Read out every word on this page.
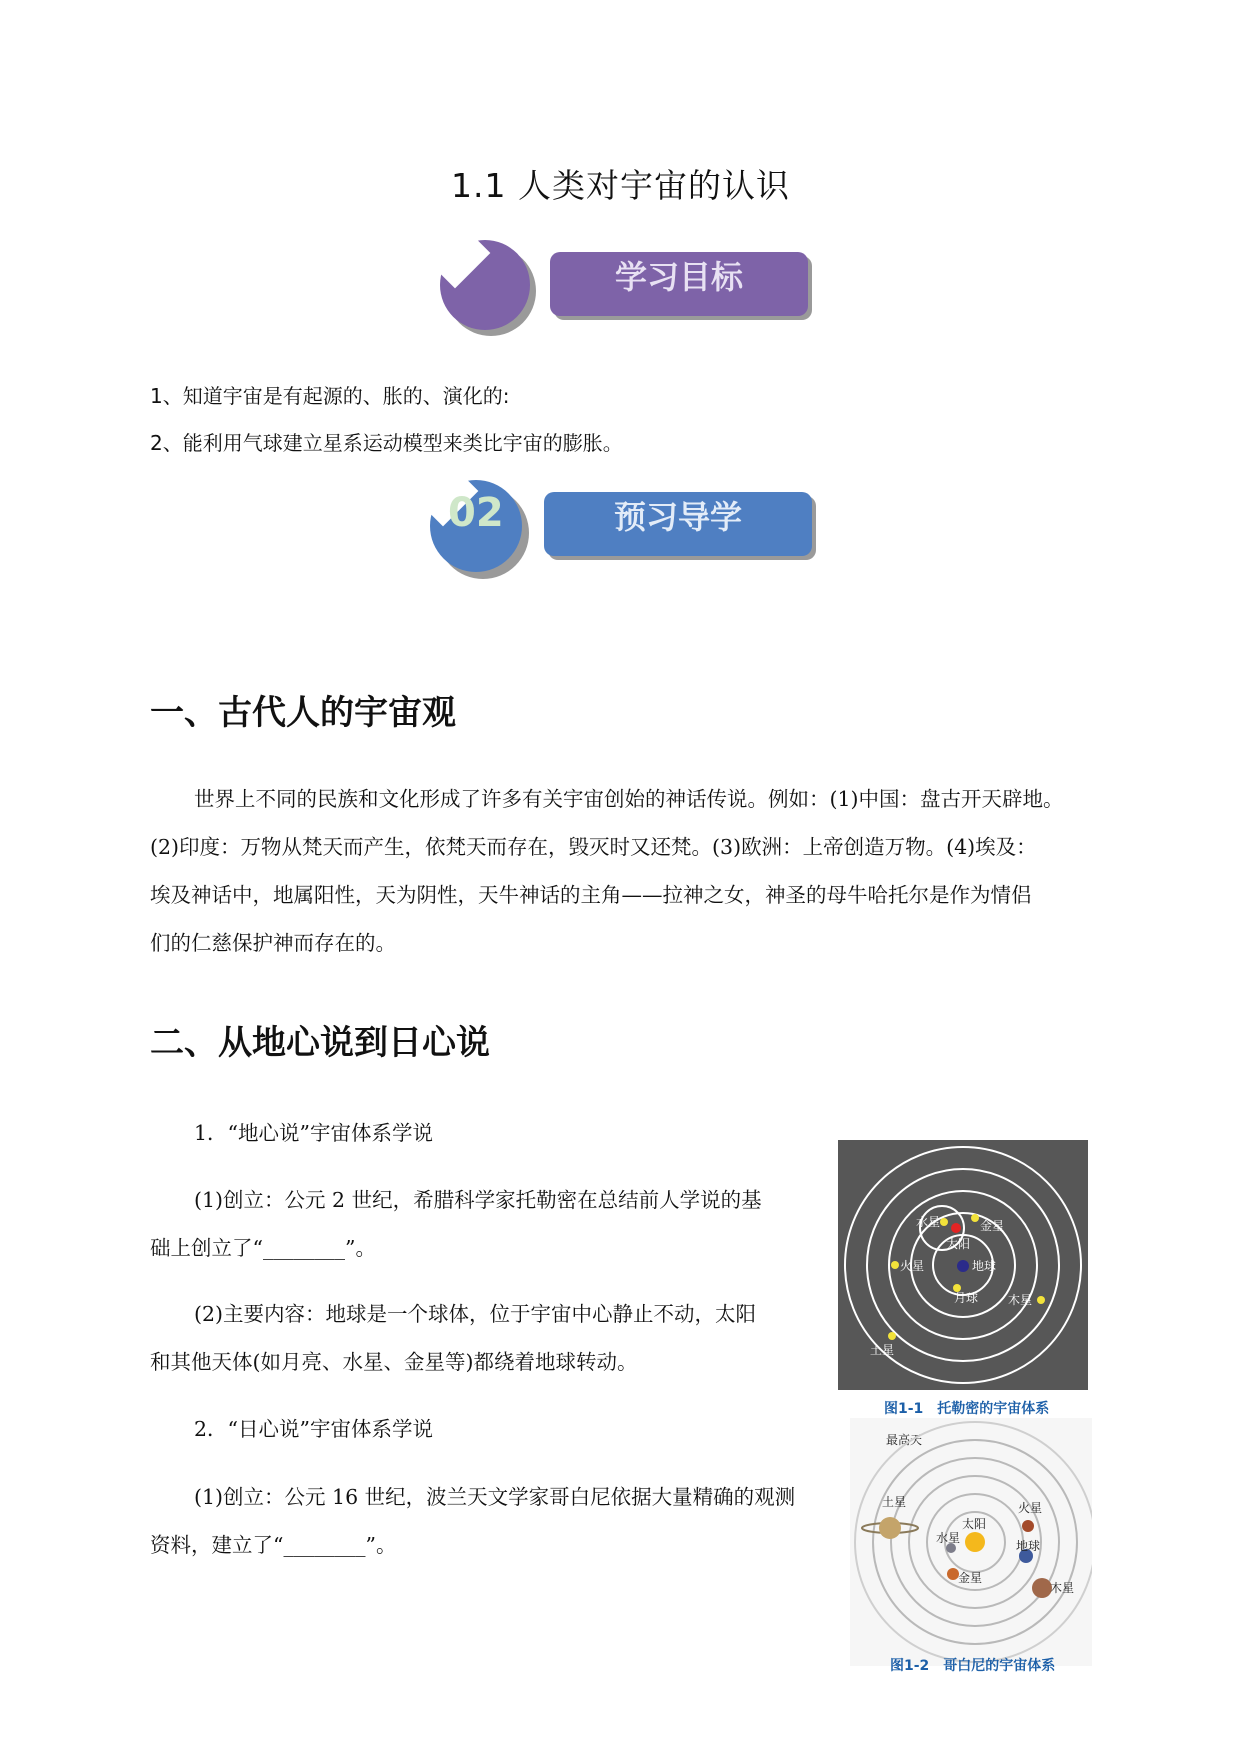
1.1 人类对宇宙的认识
学习目标
1、知道宇宙是有起源的、胀的、演化的:
2、能利用气球建立星系运动模型来类比宇宙的膨胀。
02	预习导学
一、古代人的宇宙观
世界上不同的民族和文化形成了许多有关宇宙创始的神话传说。例如：(1)中国：盘古开天辟地。
(2)印度：万物从梵天而产生，依梵天而存在，毁灭时又还梵。(3)欧洲：上帝创造万物。(4)埃及：
埃及神话中，地属阳性，天为阴性，天牛神话的主角——拉神之女，神圣的母牛哈托尔是作为情侣
们的仁慈保护神而存在的。
二、从地心说到日心说
1．“地心说”宇宙体系学说
(1)创立：公元 2 世纪，希腊科学家托勒密在总结前人学说的基
础上创立了“________”。
(2)主要内容：地球是一个球体，位于宇宙中心静止不动，太阳
和其他天体(如月亮、水星、金星等)都绕着地球转动。
2．“日心说”宇宙体系学说
(1)创立：公元 16 世纪，波兰天文学家哥白尼依据大量精确的观测
资料，建立了“________”。
水星	金星
太阳
地球
火星
月球 木星
土星
图1-1　托勒密的宇宙体系
最高天
土星	火星
太阳
水星
地球
金星
木星
图1-2　哥白尼的宇宙体系
